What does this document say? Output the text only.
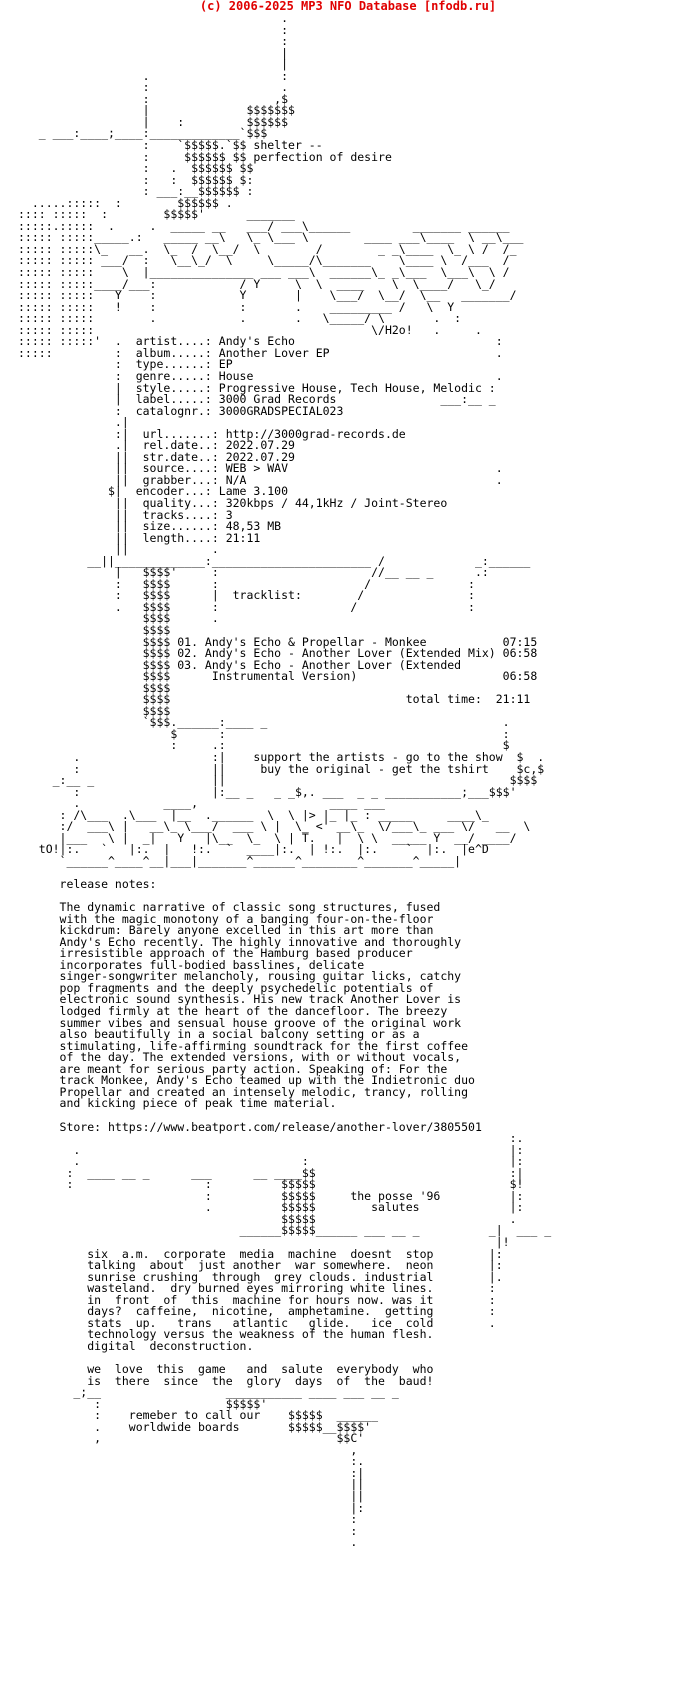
(c) 2006-2025 MP3 NFO Database [nfodb.ru]

.
:
:
|
|
.                   :
:                   .
:                  ,$
|              $$$$$$$
|    :         $$$$$$
_ ___:____;____:_____________`$$$
:    `$$$$$.`$$ shelter --
:     $$$$$$ $$ perfection of desire
:   .  $$$$$$ $$
:   :  $$$$$$ $:
: ___:__$$$$$$ :
.....:::::  :        $$$$$$ .
:::: :::::  :        $$$$$'      _______
:::::.:::::  .     .  _____ __   ___/ ___\______         _______ ______
::::: :::::_____.:   _____ __\   \_ \___ \        ____ ___\____  \ __\___
::::: :::::\_   __.  \_  /  \__/  \        /        _ _\____  \_ \ /  /_
::::: ::::: ___/  :   \__\_/  \     \_____/\_______    \____ \  /___  /
::::: :::::    \  |_______________ ___ ___\  ______\_ _\___  \___\  \ /
::::: :::::____/___:            / Y     \  \  ____    \  \____/   \_/
::::: :::::   Y    :            Y       |    \___/  \__/  \__   _______/
::::: :::::   !    :            :       .    _________ /   \  Y
::::: :::::        .            .       .   \_____/ \       .  :
::::: :::::                                        \/H2o!   .     .
::::: :::::'  .  artist....: Andy's Echo                             :
:::::         :  album.....: Another Lover EP                        .
:  type......: EP
:  genre.....: House                                   .
|  style.....: Progressive House, Tech House, Melodic :
|  label.....: 3000 Grad Records               ___:__ _
:  catalognr.: 3000GRADSPECIAL023
.|
:|  url.......: http://3000grad-records.de
.|  rel.date..: 2022.07.29
||  str.date..: 2022.07.29
||  source....: WEB > WAV                              .
||  grabber...: N/A                                    .
$|  encoder...: Lame 3.100
||  quality...: 320kbps / 44,1kHz / Joint-Stereo
||  tracks....: 3
||  size......: 48,53 MB
||  length....: 21:11
||            .
__||_____________:_______________________ /             _:______
|   $$$$'     :                      //__ __ _      .:
:   $$$$      :                     /              :
:   $$$$      |  tracklist:        /               :
.   $$$$      :                   /                :
$$$$      .
$$$$
$$$$ 01. Andy's Echo & Propellar - Monkee           07:15
$$$$ 02. Andy's Echo - Another Lover (Extended Mix) 06:58
$$$$ 03. Andy's Echo - Another Lover (Extended
$$$$      Instrumental Version)                     06:58
$$$$
$$$$                                  total time:  21:11
$$$$
`$$$.______:____ _                                  .
$      :                                        :
:     .:                                        $
.                   :|    support the artists - go to the show  $  .
:                   ||     buy the original - get the tshirt    $c,$
_:__ _                 ||                                         $$$$
:                   |:__ _   _ _$,. ___  _ _ ___________;___$$$'
.            ____,                   ____ ___
: /\___  .\___  |__  .______  \  \ |> |_ |_ : _____     ____\_
:/  ___\ |   __\_ \___/  ___ \ |  \_ <' __\_  \/___\_ ___ \/   __  \
|___   \ |  _|   Y   |\__  \_  \ | T.   |  \ \  _____ Y  __/ ____/
tO!|:.   `   |:.  |   !:.  `  ____|:.  | !:.  |:.    `  |:.  |e^D
`______^____^__|___|_______^______^________^_______^_____|

release notes:

The dynamic narrative of classic song structures, fused
with the magic monotony of a banging four-on-the-floor
kickdrum: Barely anyone excelled in this art more than
Andy's Echo recently. The highly innovative and thoroughly
irresistible approach of the Hamburg based producer
incorporates full-bodied basslines, delicate
singer-songwriter melancholy, rousing guitar licks, catchy
pop fragments and the deeply psychedelic potentials of
electronic sound synthesis. His new track Another Lover is
lodged firmly at the heart of the dancefloor. The breezy
summer vibes and sensual house groove of the original work
also beautifully in a social balcony setting or as a
stimulating, life-affirming soundtrack for the first coffee
of the day. The extended versions, with or without vocals,
are meant for serious party action. Speaking of: For the
track Monkee, Andy's Echo teamed up with the Indietronic duo
Propellar and created an intensely melodic, trancy, rolling
and kicking piece of peak time material.

Store: https://www.beatport.com/release/another-lover/3805501
:.
.                                                              |:
.                                :                             |:
:  ____ __ _      ___      __ ____$$                            :|
:                   :          $$$$$                            $!
:          $$$$$     the posse '96          |:
.          $$$$$        salutes             |:
$$$$$                            .
______$$$$$______ ___ __ _          _|  ___ _
|!
six  a.m.  corporate  media  machine  doesnt  stop        |:
talking  about  just another  war somewhere.  neon        |:
sunrise crushing  through  grey clouds. industrial        |.
wasteland.  dry burned eyes mirroring white lines.        :
in  front  of  this  machine for hours now. was it        :
days?  caffeine,  nicotine,  amphetamine.  getting        :
stats  up.   trans   atlantic   glide.   ice  cold        .
technology versus the weakness of the human flesh.
digital  deconstruction.

we  love  this  game   and  salute  everybody  who
is  there  since  the  glory  days  of  the  baud!
_;__                  ___________ ____ ___ __ _
:                  $$$$$'
:    remeber to call our    $$$$$  ______
.    worldwide boards       $$$$$__$$$$'
,                                  $$C'
,
:.
:|
||
||
|:
:
:
.
